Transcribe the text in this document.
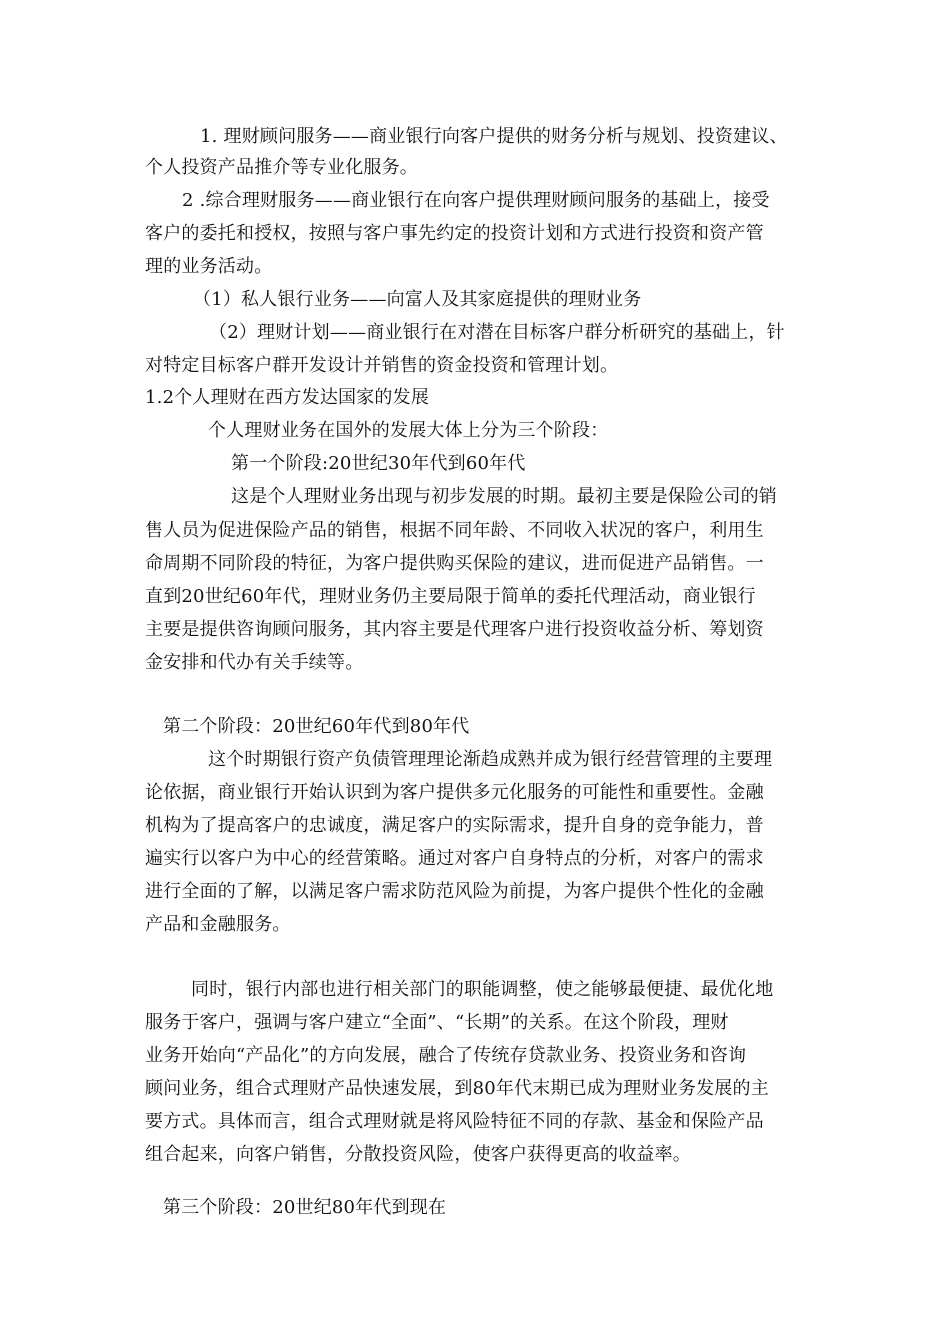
1. 理财顾问服务——商业银行向客户提供的财务分析与规划、投资建议、
个人投资产品推介等专业化服务。
2 .综合理财服务——商业银行在向客户提供理财顾问服务的基础上，接受
客户的委托和授权，按照与客户事先约定的投资计划和方式进行投资和资产管
理的业务活动。
（1）私人银行业务——向富人及其家庭提供的理财业务
（2）理财计划——商业银行在对潜在目标客户群分析研究的基础上，针
对特定目标客户群开发设计并销售的资金投资和管理计划。
1.2个人理财在西方发达国家的发展
个人理财业务在国外的发展大体上分为三个阶段：
第一个阶段:20世纪30年代到60年代
这是个人理财业务出现与初步发展的时期。最初主要是保险公司的销
售人员为促进保险产品的销售，根据不同年龄、不同收入状况的客户，利用生
命周期不同阶段的特征，为客户提供购买保险的建议，进而促进产品销售。一
直到20世纪60年代，理财业务仍主要局限于简单的委托代理活动，商业银行
主要是提供咨询顾问服务，其内容主要是代理客户进行投资收益分析、筹划资
金安排和代办有关手续等。
第二个阶段：20世纪60年代到80年代
这个时期银行资产负债管理理论渐趋成熟并成为银行经营管理的主要理
论依据，商业银行开始认识到为客户提供多元化服务的可能性和重要性。金融
机构为了提高客户的忠诚度，满足客户的实际需求，提升自身的竞争能力，普
遍实行以客户为中心的经营策略。通过对客户自身特点的分析，对客户的需求
进行全面的了解，以满足客户需求防范风险为前提，为客户提供个性化的金融
产品和金融服务。
同时，银行内部也进行相关部门的职能调整，使之能够最便捷、最优化地
服务于客户，强调与客户建立“全面”、“长期”的关系。在这个阶段，理财
业务开始向“产品化”的方向发展，融合了传统存贷款业务、投资业务和咨询
顾问业务，组合式理财产品快速发展，到80年代末期已成为理财业务发展的主
要方式。具体而言，组合式理财就是将风险特征不同的存款、基金和保险产品
组合起来，向客户销售，分散投资风险，使客户获得更高的收益率。
第三个阶段：20世纪80年代到现在
